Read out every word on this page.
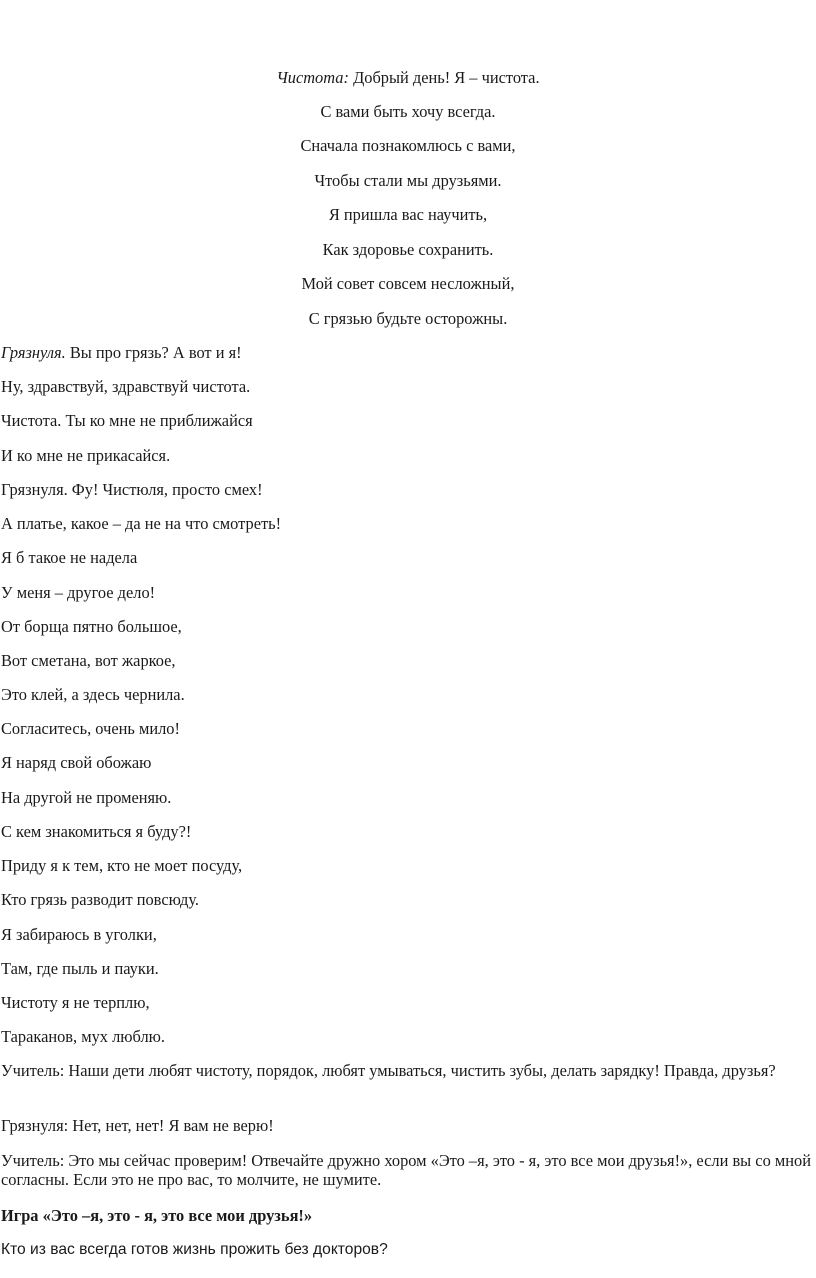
Чистота: Добрый день! Я – чистота.
С вами быть хочу всегда.
Сначала познакомлюсь с вами,
Чтобы стали мы друзьями.
Я пришла вас научить,
Как здоровье сохранить.
Мой совет совсем несложный,
С грязью будьте осторожны.
Грязнуля. Вы про грязь? А вот и я!
Ну, здравствуй, здравствуй чистота.
Чистота. Ты ко мне не приближайся
И ко мне не прикасайся.
Грязнуля. Фу! Чистюля, просто смех!
А платье, какое – да не на что смотреть!
Я б такое не надела
У меня – другое дело!
От борща пятно большое,
Вот сметана, вот жаркое,
Это клей, а здесь чернила.
Согласитесь, очень мило!
Я наряд свой обожаю
На другой не променяю.
С кем знакомиться я буду?!
Приду я к тем, кто не моет посуду,
Кто грязь разводит повсюду.
Я забираюсь в уголки,
Там, где пыль и пауки.
Чистоту я не терплю,
Тараканов, мух люблю.
Учитель: Наши дети любят чистоту, порядок, любят умываться, чистить зубы, делать зарядку! Правда, друзья?
Грязнуля: Нет, нет, нет! Я вам не верю!
Учитель: Это мы сейчас проверим! Отвечайте дружно хором «Это –я, это - я, это все мои друзья!», если вы со мной согласны. Если это не про вас, то молчите, не шумите.
Игра «Это –я, это - я, это все мои друзья!»
Кто из вас всегда готов жизнь прожить без докторов?
